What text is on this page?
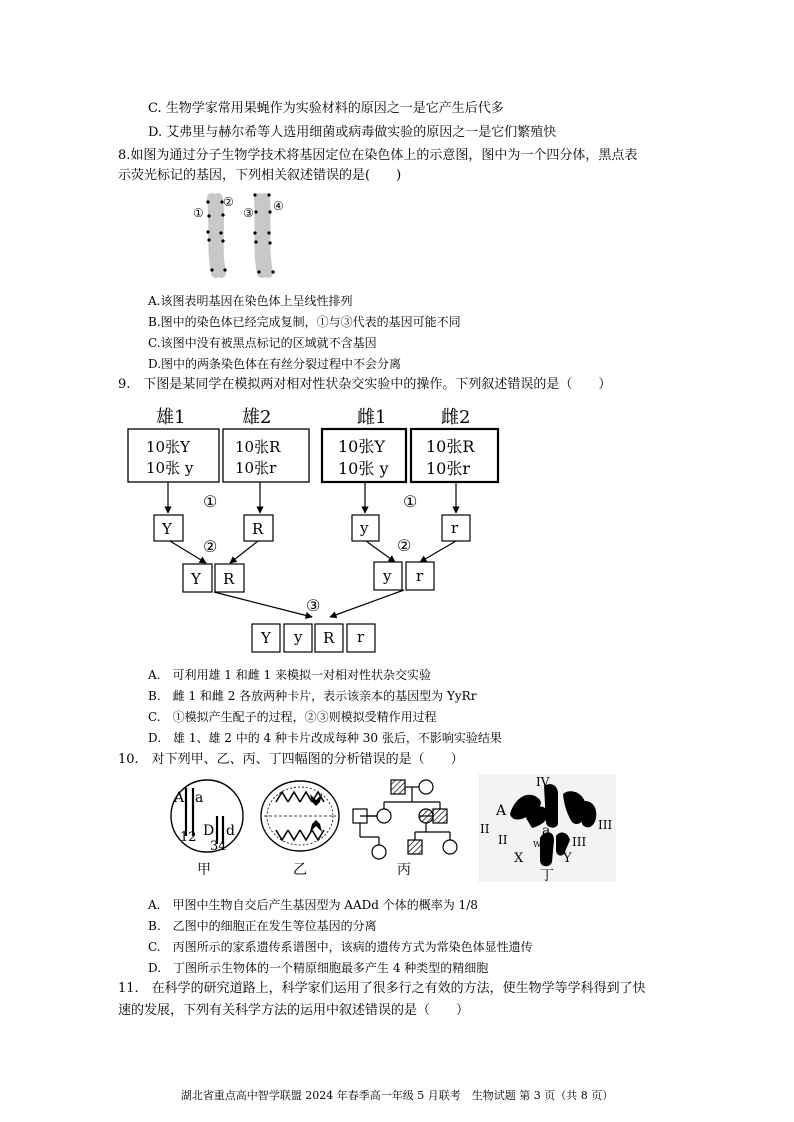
C. 生物学家常用果蝇作为实验材料的原因之一是它产生后代多
D. 艾弗里与赫尔希等人选用细菌或病毒做实验的原因之一是它们繁殖快
8.如图为通过分子生物学技术将基因定位在染色体上的示意图，图中为一个四分体，黑点表
示荧光标记的基因，下列相关叙述错误的是(　　)
①
②
③ ④
A.该图表明基因在染色体上呈线性排列
B.图中的染色体已经完成复制，①与③代表的基因可能不同
C.该图中没有被黑点标记的区域就不含基因
D.图中的两条染色体在有丝分裂过程中不会分离
9.　下图是某同学在模拟两对相对性状杂交实验中的操作。下列叙述错误的是（　　）
雄1	雄2	雌1	雌2
10张Y
10张 y
10张R
10张r
10张Y
10张 y
10张R
10张r
①	①
Y	R	y	r
②	②
Y R	y r
③
Y y R r
A.　可利用雄 1 和雌 1 来模拟一对相对性状杂交实验
B.　雌 1 和雌 2 各放两种卡片，表示该亲本的基因型为 YyRr
C.　①模拟产生配子的过程，②③则模拟受精作用过程
D.　雄 1、雄 2 中的 4 种卡片改成每种 30 张后，不影响实验结果
10.　对下列甲、乙、丙、丁四幅图的分析错误的是（　　）
A a
12 D d
34
甲	乙	丙
IV
A
II	III
a
W
II	III
X	Y
丁
A.　甲图中生物自交后产生基因型为 AADd 个体的概率为 1/8
B.　乙图中的细胞正在发生等位基因的分离
C.　丙图所示的家系遗传系谱图中，该病的遗传方式为常染色体显性遗传
D.　丁图所示生物体的一个精原细胞最多产生 4 种类型的精细胞
11.　在科学的研究道路上，科学家们运用了很多行之有效的方法，使生物学等学科得到了快
速的发展，下列有关科学方法的运用中叙述错误的是（　　）
湖北省重点高中智学联盟 2024 年春季高一年级 5 月联考　生物试题 第 3 页（共 8 页）
